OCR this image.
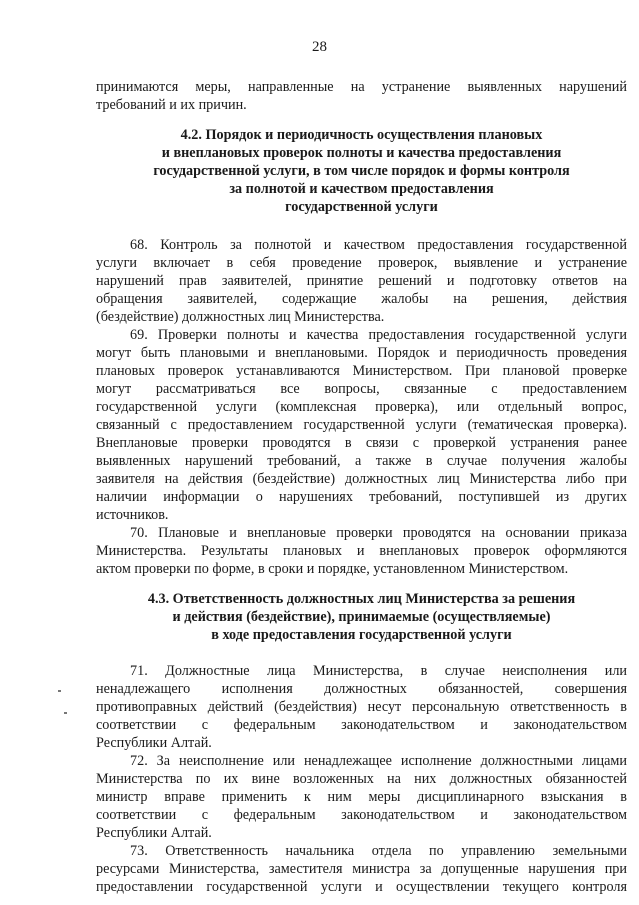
28
принимаются меры, направленные на устранение выявленных нарушений
требований и их причин.
4.2. Порядок и периодичность осуществления плановых
и внеплановых проверок полноты и качества предоставления
государственной услуги, в том числе порядок и формы контроля
за полнотой и качеством предоставления
государственной услуги
68. Контроль за полнотой и качеством предоставления государственной
услуги включает в себя проведение проверок, выявление и устранение
нарушений прав заявителей, принятие решений и подготовку ответов на
обращения заявителей, содержащие жалобы на решения, действия
(бездействие) должностных лиц Министерства.
69. Проверки полноты и качества предоставления государственной услуги
могут быть плановыми и внеплановыми. Порядок и периодичность проведения
плановых проверок устанавливаются Министерством. При плановой проверке
могут рассматриваться все вопросы, связанные с предоставлением
государственной услуги (комплексная проверка), или отдельный вопрос,
связанный с предоставлением государственной услуги (тематическая проверка).
Внеплановые проверки проводятся в связи с проверкой устранения ранее
выявленных нарушений требований, а также в случае получения жалобы
заявителя на действия (бездействие) должностных лиц Министерства либо при
наличии информации о нарушениях требований, поступившей из других
источников.
70. Плановые и внеплановые проверки проводятся на основании приказа
Министерства. Результаты плановых и внеплановых проверок оформляются
актом проверки по форме, в сроки и порядке, установленном Министерством.
4.3. Ответственность должностных лиц Министерства за решения
и действия (бездействие), принимаемые (осуществляемые)
в ходе предоставления государственной услуги
71. Должностные лица Министерства, в случае неисполнения или
ненадлежащего исполнения должностных обязанностей, совершения
противоправных действий (бездействия) несут персональную ответственность в
соответствии с федеральным законодательством и законодательством
Республики Алтай.
72. За неисполнение или ненадлежащее исполнение должностными лицами
Министерства по их вине возложенных на них должностных обязанностей
министр вправе применить к ним меры дисциплинарного взыскания в
соответствии с федеральным законодательством и законодательством
Республики Алтай.
73. Ответственность начальника отдела по управлению земельными
ресурсами Министерства, заместителя министра за допущенные нарушения при
предоставлении государственной услуги и осуществлении текущего контроля
